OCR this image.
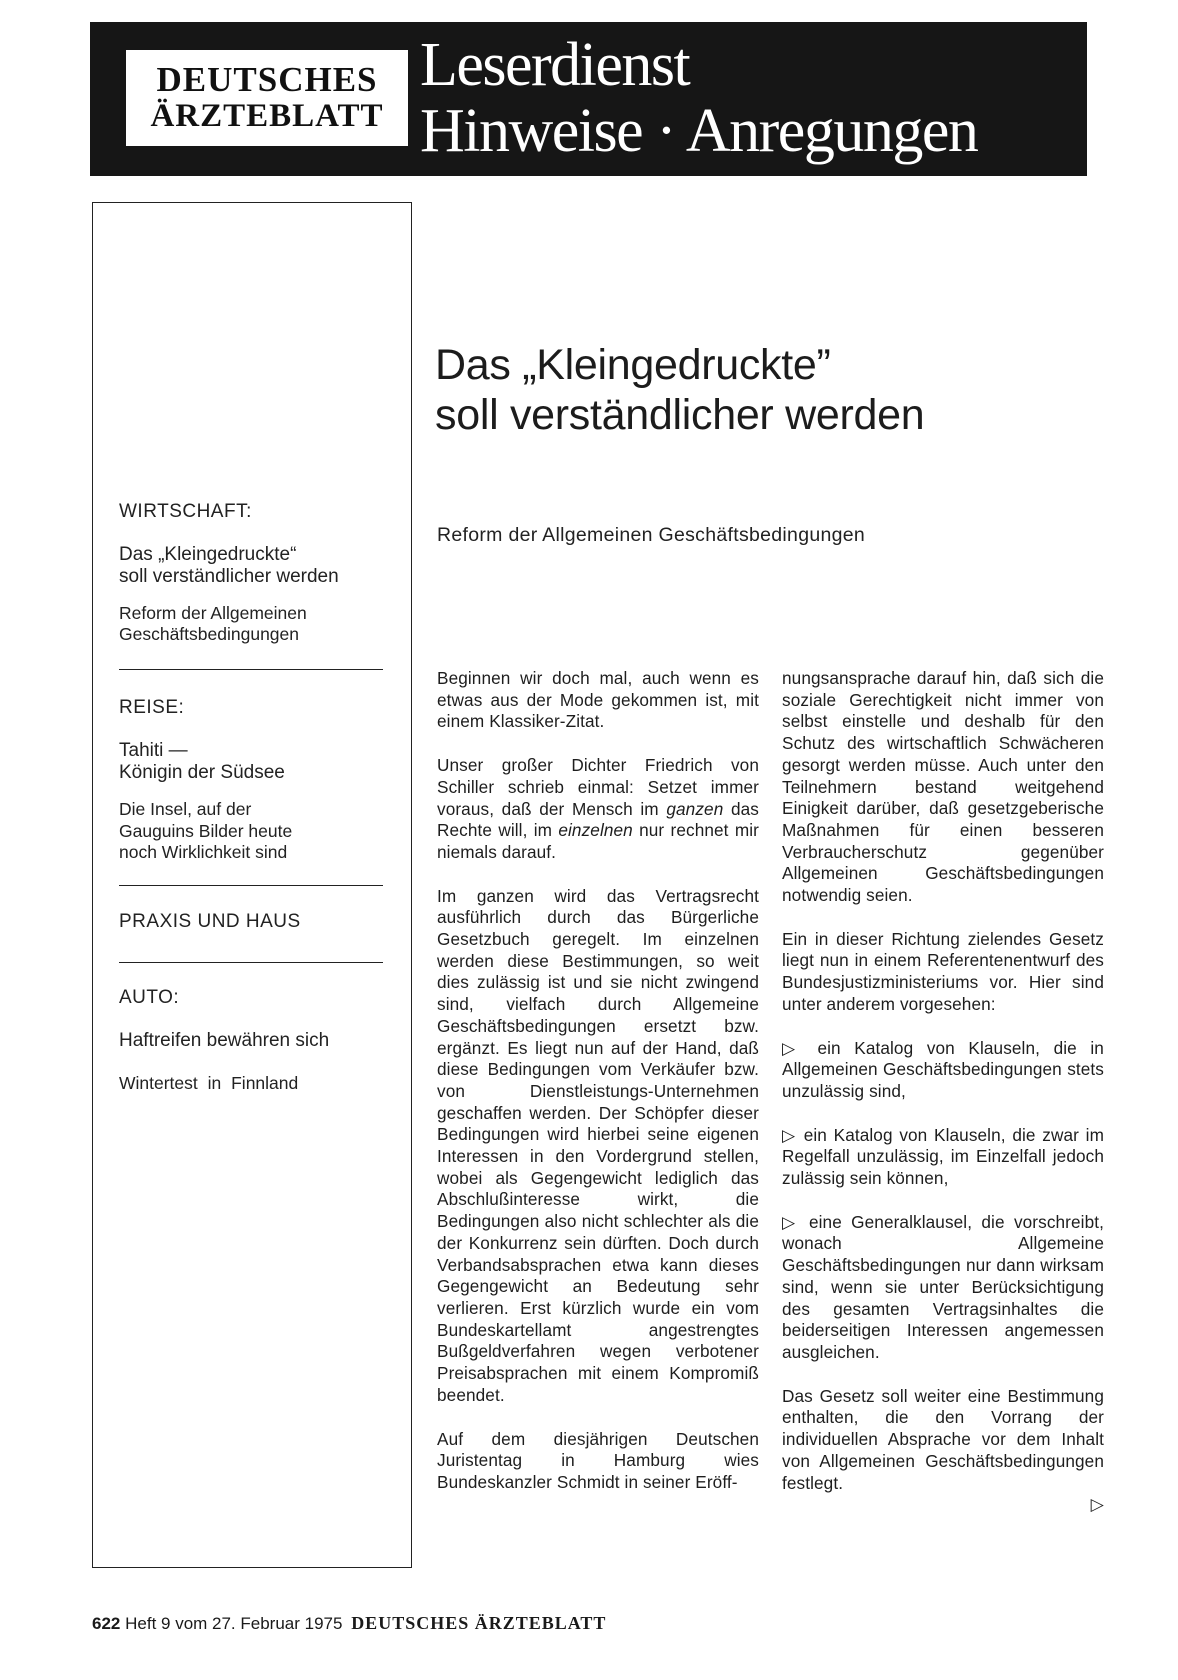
DEUTSCHES
ÄRZTEBLATT
Leserdienst
Hinweise · Anregungen
WIRTSCHAFT:
Das „Kleingedruckte“
soll verständlicher werden
Reform der Allgemeinen
Geschäftsbedingungen
REISE:
Tahiti —
Königin der Südsee
Die Insel, auf der
Gauguins Bilder heute
noch Wirklichkeit sind
PRAXIS UND HAUS
AUTO:
Haftreifen bewähren sich
Wintertest in Finnland
Das „Kleingedruckte”
soll verständlicher werden
Reform der Allgemeinen Geschäftsbedingungen

Beginnen wir doch mal, auch wenn es etwas aus der Mode gekommen ist, mit einem Klassiker-Zitat.

Unser großer Dichter Friedrich von Schiller schrieb einmal: Setzet immer voraus, daß der Mensch im ganzen das Rechte will, im einzelnen nur rechnet mir niemals darauf.

Im ganzen wird das Vertragsrecht ausführlich durch das Bürgerliche Gesetzbuch geregelt. Im einzelnen werden diese Bestimmungen, so weit dies zulässig ist und sie nicht zwingend sind, vielfach durch Allgemeine Geschäftsbedingungen ersetzt bzw. ergänzt. Es liegt nun auf der Hand, daß diese Bedingungen vom Verkäufer bzw. von Dienstleistungs-Unternehmen geschaffen werden. Der Schöpfer dieser Bedingungen wird hierbei seine eigenen Interessen in den Vordergrund stellen, wobei als Gegengewicht lediglich das Abschlußinteresse wirkt, die Bedingungen also nicht schlechter als die der Konkurrenz sein dürften. Doch durch Verbandsabsprachen etwa kann dieses Gegengewicht an Bedeutung sehr verlieren. Erst kürzlich wurde ein vom Bundeskartellamt angestrengtes Bußgeldverfahren wegen verbotener Preisabsprachen mit einem Kompromiß beendet.

Auf dem diesjährigen Deutschen Juristentag in Hamburg wies Bundeskanzler Schmidt in seiner Eröff-

nungsansprache darauf hin, daß sich die soziale Gerechtigkeit nicht immer von selbst einstelle und deshalb für den Schutz des wirtschaftlich Schwächeren gesorgt werden müsse. Auch unter den Teilnehmern bestand weitgehend Einigkeit darüber, daß gesetzgeberische Maßnahmen für einen besseren Verbraucherschutz gegenüber Allgemeinen Geschäftsbedingungen notwendig seien.

Ein in dieser Richtung zielendes Gesetz liegt nun in einem Referentenentwurf des Bundesjustizministeriums vor. Hier sind unter anderem vorgesehen:

▷ ein Katalog von Klauseln, die in Allgemeinen Geschäftsbedingungen stets unzulässig sind,

▷ ein Katalog von Klauseln, die zwar im Regelfall unzulässig, im Einzelfall jedoch zulässig sein können,

▷ eine Generalklausel, die vorschreibt, wonach Allgemeine Geschäftsbedingungen nur dann wirksam sind, wenn sie unter Berücksichtigung des gesamten Vertragsinhaltes die beiderseitigen Interessen angemessen ausgleichen.

Das Gesetz soll weiter eine Bestimmung enthalten, die den Vorrang der individuellen Absprache vor dem Inhalt von Allgemeinen Geschäftsbedingungen festlegt.

▷
622 Heft 9 vom 27. Februar 1975 DEUTSCHES ÄRZTEBLATT
